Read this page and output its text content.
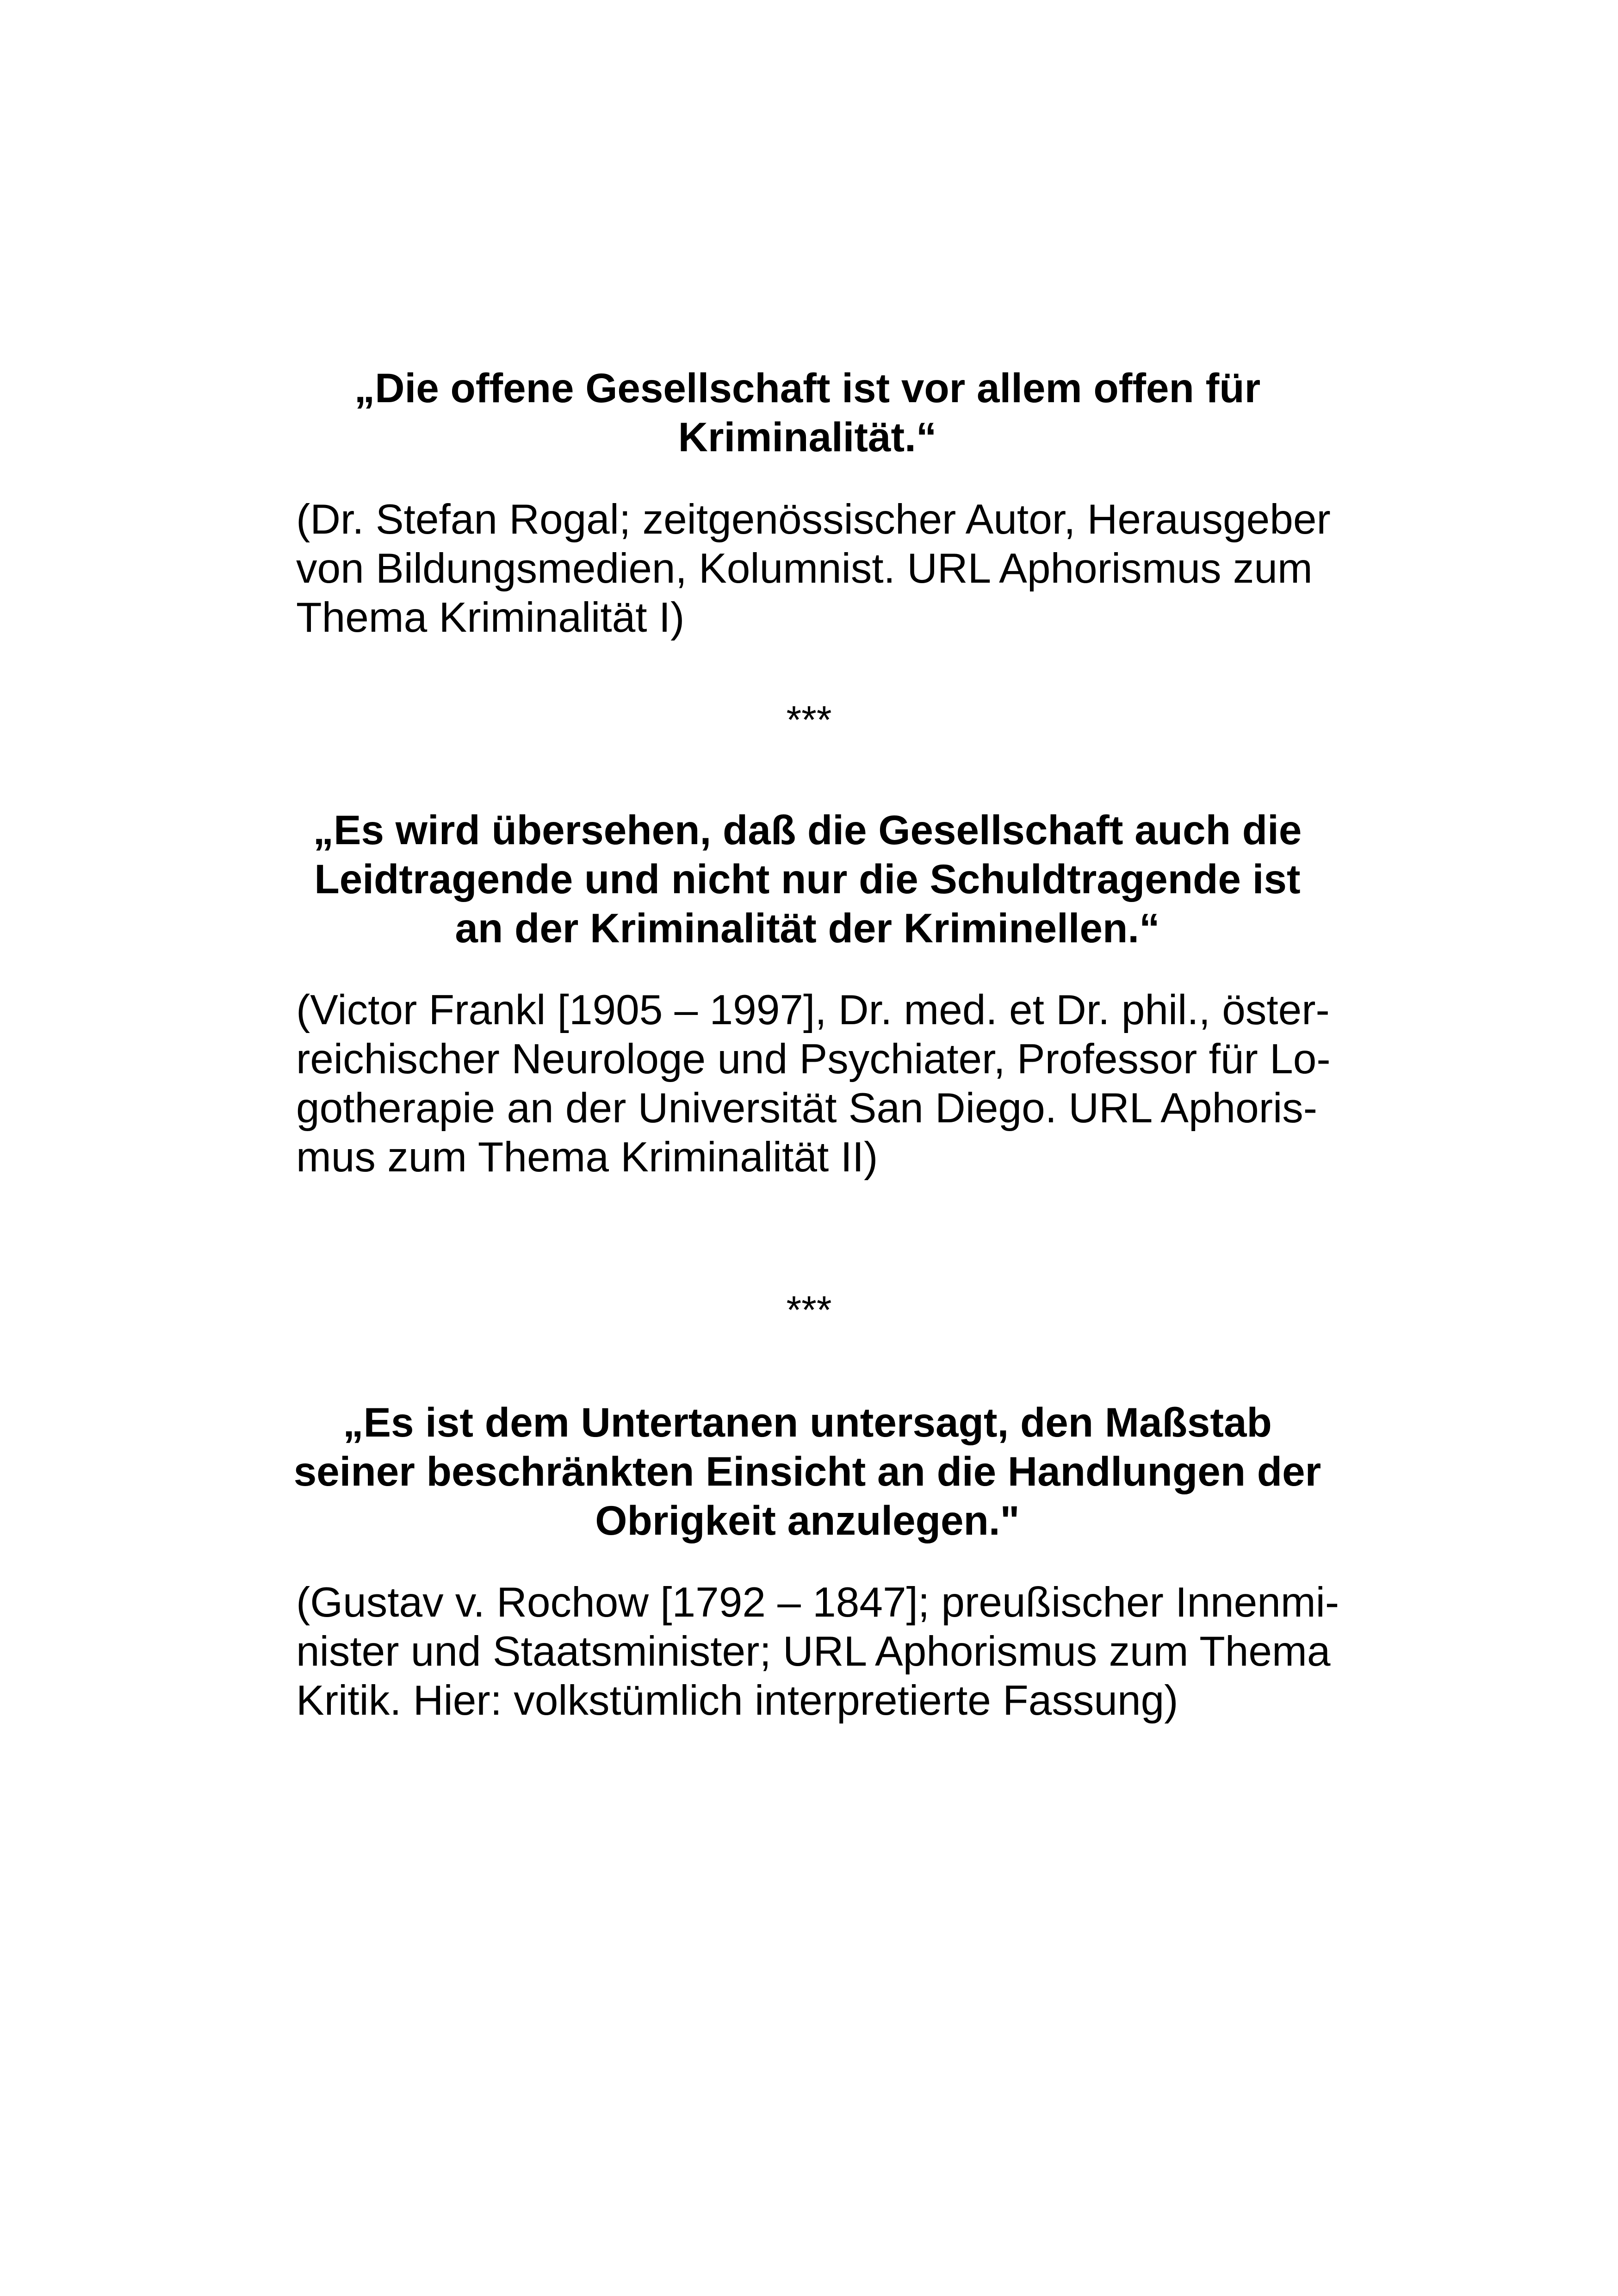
„Die offene Gesellschaft ist vor allem offen für
Kriminalität.“
(Dr. Stefan Rogal; zeitgenössischer Autor, Herausgeber
von Bildungsmedien, Kolumnist. URL Aphorismus zum
Thema Kriminalität I)
***
„Es wird übersehen, daß die Gesellschaft auch die
Leidtragende und nicht nur die Schuldtragende ist
an der Kriminalität der Kriminellen.“
(Victor Frankl [1905 – 1997], Dr. med. et Dr. phil., öster-
reichischer Neurologe und Psychiater, Professor für Lo-
gotherapie an der Universität San Diego. URL Aphoris-
mus zum Thema Kriminalität II)
***
„Es ist dem Untertanen untersagt, den Maßstab
seiner beschränkten Einsicht an die Handlungen der
Obrigkeit anzulegen."
(Gustav v. Rochow [1792 – 1847]; preußischer Innenmi-
nister und Staatsminister; URL Aphorismus zum Thema
Kritik. Hier: volkstümlich interpretierte Fassung)
